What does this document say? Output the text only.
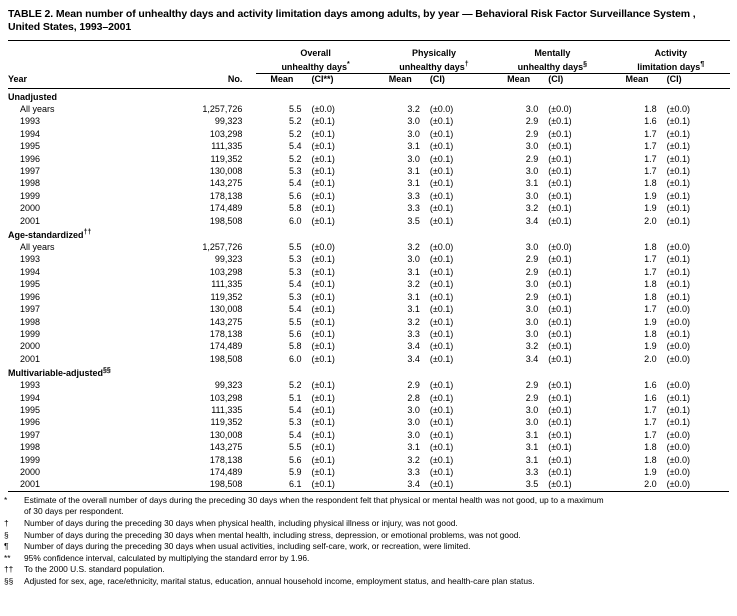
TABLE 2. Mean number of unhealthy days and activity limitation days among adults, by year — Behavioral Risk Factor Surveillance System , United States, 1993–2001

		Overall		Physically		Mentally		Activity	
		unhealthy days*		unhealthy days†		unhealthy days§		limitation days¶
Year	No.	Mean	(CI**)	Mean	(CI)	Mean	(CI)	Mean	(CI)

Unadjusted									
All years	1,257,726	5.5	(±0.0)	3.2	(±0.0)	3.0	(±0.0)	1.8	(±0.0)
1993	99,323	5.2	(±0.1)	3.0	(±0.1)	2.9	(±0.1)	1.6	(±0.1)
1994	103,298	5.2	(±0.1)	3.0	(±0.1)	2.9	(±0.1)	1.7	(±0.1)
1995	111,335	5.4	(±0.1)	3.1	(±0.1)	3.0	(±0.1)	1.7	(±0.1)
1996	119,352	5.2	(±0.1)	3.0	(±0.1)	2.9	(±0.1)	1.7	(±0.1)
1997	130,008	5.3	(±0.1)	3.1	(±0.1)	3.0	(±0.1)	1.7	(±0.1)
1998	143,275	5.4	(±0.1)	3.1	(±0.1)	3.1	(±0.1)	1.8	(±0.1)
1999	178,138	5.6	(±0.1)	3.3	(±0.1)	3.0	(±0.1)	1.9	(±0.1)
2000	174,489	5.8	(±0.1)	3.3	(±0.1)	3.2	(±0.1)	1.9	(±0.1)
2001	198,508	6.0	(±0.1)	3.5	(±0.1)	3.4	(±0.1)	2.0	(±0.1)
Age-standardized††
All years	1,257,726	5.5	(±0.0)	3.2	(±0.0)	3.0	(±0.0)	1.8	(±0.0)
1993	99,323	5.3	(±0.1)	3.0	(±0.1)	2.9	(±0.1)	1.7	(±0.1)
1994	103,298	5.3	(±0.1)	3.1	(±0.1)	2.9	(±0.1)	1.7	(±0.1)
1995	111,335	5.4	(±0.1)	3.2	(±0.1)	3.0	(±0.1)	1.8	(±0.1)
1996	119,352	5.3	(±0.1)	3.1	(±0.1)	2.9	(±0.1)	1.8	(±0.1)
1997	130,008	5.4	(±0.1)	3.1	(±0.1)	3.0	(±0.1)	1.7	(±0.0)
1998	143,275	5.5	(±0.1)	3.2	(±0.1)	3.0	(±0.1)	1.9	(±0.0)
1999	178,138	5.6	(±0.1)	3.3	(±0.1)	3.0	(±0.1)	1.8	(±0.1)
2000	174,489	5.8	(±0.1)	3.4	(±0.1)	3.2	(±0.1)	1.9	(±0.0)
2001	198,508	6.0	(±0.1)	3.4	(±0.1)	3.4	(±0.1)	2.0	(±0.0)
Multivariable-adjusted§§
1993	99,323	5.2	(±0.1)	2.9	(±0.1)	2.9	(±0.1)	1.6	(±0.0)
1994	103,298	5.1	(±0.1)	2.8	(±0.1)	2.9	(±0.1)	1.6	(±0.1)
1995	111,335	5.4	(±0.1)	3.0	(±0.1)	3.0	(±0.1)	1.7	(±0.1)
1996	119,352	5.3	(±0.1)	3.0	(±0.1)	3.0	(±0.1)	1.7	(±0.1)
1997	130,008	5.4	(±0.1)	3.0	(±0.1)	3.1	(±0.1)	1.7	(±0.0)
1998	143,275	5.5	(±0.1)	3.1	(±0.1)	3.1	(±0.1)	1.8	(±0.0)
1999	178,138	5.6	(±0.1)	3.2	(±0.1)	3.1	(±0.1)	1.8	(±0.0)
2000	174,489	5.9	(±0.1)	3.3	(±0.1)	3.3	(±0.1)	1.9	(±0.0)
2001	198,508	6.1	(±0.1)	3.4	(±0.1)	3.5	(±0.1)	2.0	(±0.0)
* Estimate of the overall number of days during the preceding 30 days when the respondent felt that physical or mental health was not good, up to a maximum
of 30 days per respondent.
† Number of days during the preceding 30 days when physical health, including physical illness or injury, was not good.
§ Number of days during the preceding 30 days when mental health, including stress, depression, or emotional problems, was not good.
¶ Number of days during the preceding 30 days when usual activities, including self-care, work, or recreation, were limited.
** 95% confidence interval, calculated by multiplying the standard error by 1.96.
†† To the 2000 U.S. standard population.
§§ Adjusted for sex, age, race/ethnicity, marital status, education, annual household income, employment status, and health-care plan status.
